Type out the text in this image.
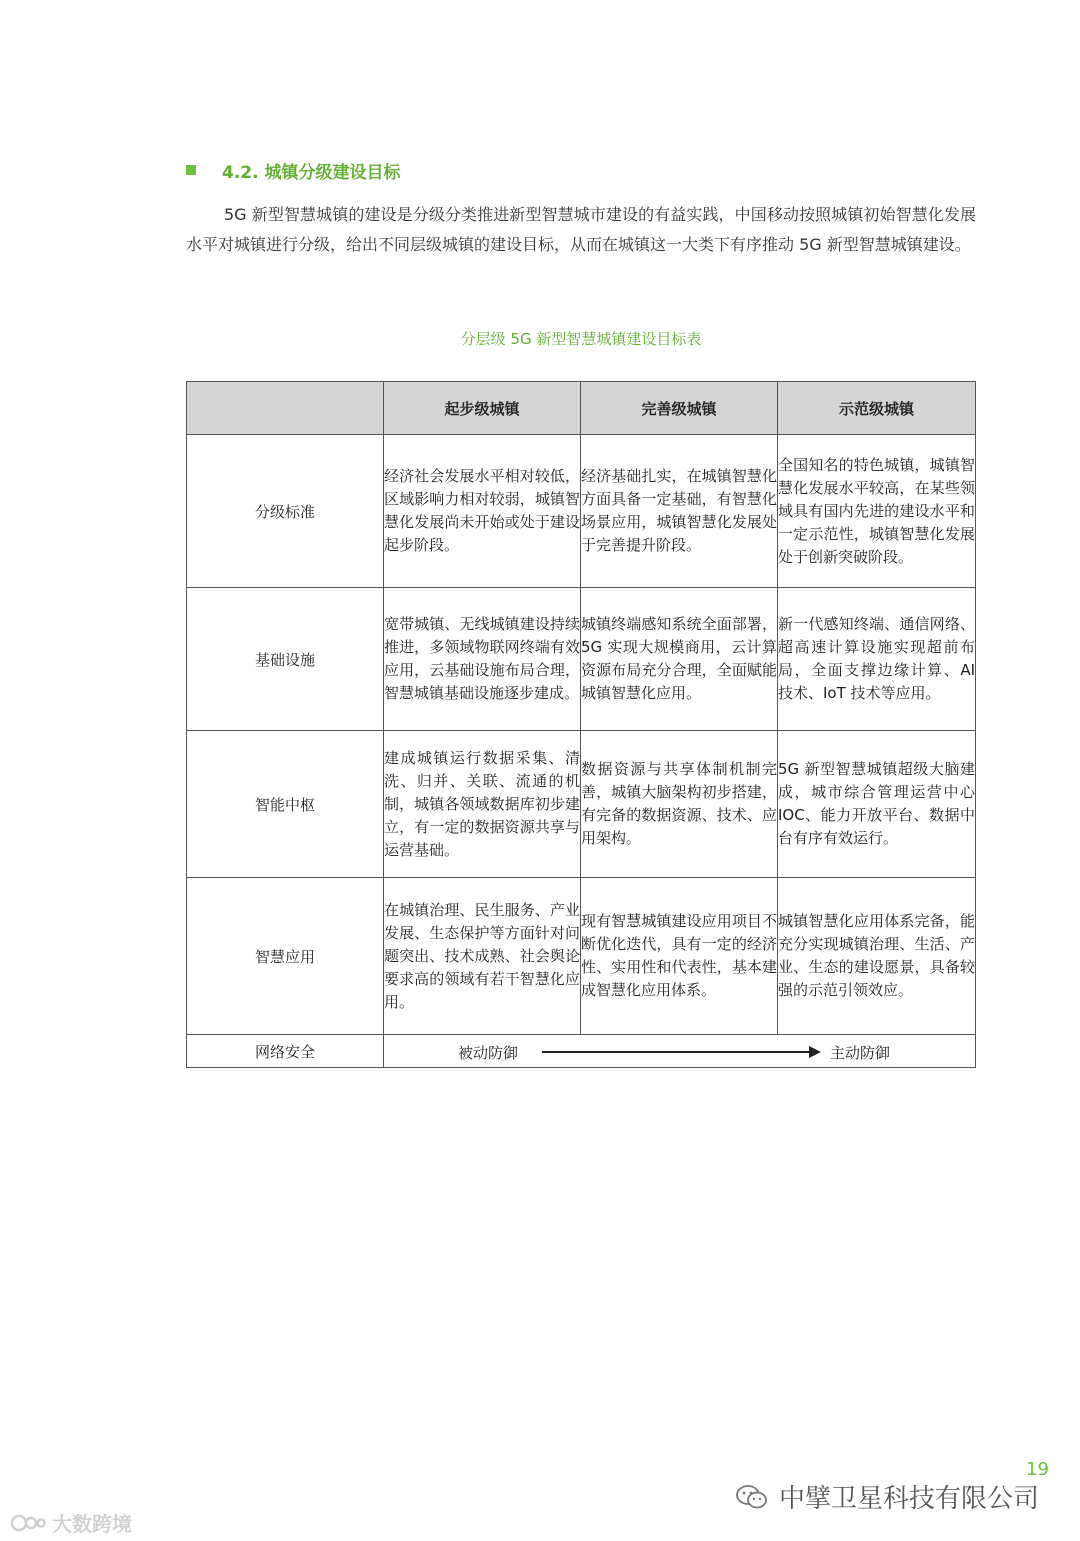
4.2. 城镇分级建设目标

5G 新型智慧城镇的建设是分级分类推进新型智慧城市建设的有益实践，中国移动按照城镇初始智慧化发展水平对城镇进行分级，给出不同层级城镇的建设目标，从而在城镇这一大类下有序推动 5G 新型智慧城镇建设。

分层级 5G 新型智慧城镇建设目标表
	起步级城镇	完善级城镇	示范级城镇
分级标准	经济社会发展水平相对较低，区域影响力相对较弱，城镇智慧化发展尚未开始或处于建设起步阶段。	经济基础扎实，在城镇智慧化方面具备一定基础，有智慧化场景应用，城镇智慧化发展处于完善提升阶段。	全国知名的特色城镇，城镇智慧化发展水平较高，在某些领域具有国内先进的建设水平和一定示范性，城镇智慧化发展处于创新突破阶段。
基础设施	宽带城镇、无线城镇建设持续推进，多领域物联网终端有效应用，云基础设施布局合理，智慧城镇基础设施逐步建成。	城镇终端感知系统全面部署，5G 实现大规模商用，云计算资源布局充分合理，全面赋能城镇智慧化应用。	新一代感知终端、通信网络、超高速计算设施实现超前布局，全面支撑边缘计算、AI 技术、IoT 技术等应用。
智能中枢	建成城镇运行数据采集、清洗、归并、关联、流通的机制，城镇各领域数据库初步建立，有一定的数据资源共享与运营基础。	数据资源与共享体制机制完善，城镇大脑架构初步搭建，有完备的数据资源、技术、应用架构。	5G 新型智慧城镇超级大脑建成，城市综合管理运营中心 IOC、能力开放平台、数据中台有序有效运行。
智慧应用	在城镇治理、民生服务、产业发展、生态保护等方面针对问题突出、技术成熟、社会舆论要求高的领域有若干智慧化应用。	现有智慧城镇建设应用项目不断优化迭代，具有一定的经济性、实用性和代表性，基本建成智慧化应用体系。	城镇智慧化应用体系完备，能充分实现城镇治理、生活、产业、生态的建设愿景，具备较强的示范引领效应。
网络安全	被动防御 主动防御		
19
中擘卫星科技有限公司
大数跨境
